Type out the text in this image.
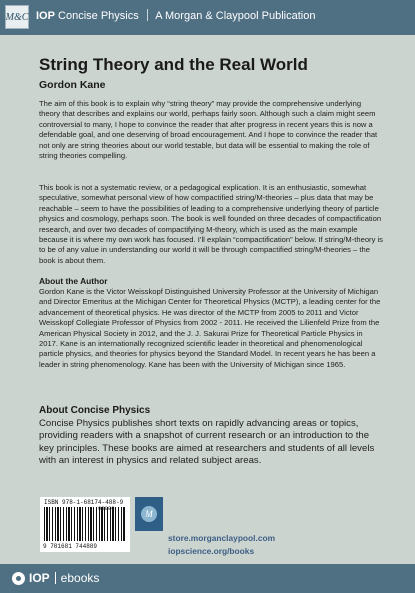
M&C IOP Concise Physics A Morgan & Claypool Publication
String Theory and the Real World
Gordon Kane
The aim of this book is to explain why “string theory” may provide the comprehensive underlying theory that describes and explains our world, perhaps fairly soon. Although such a claim might seem controversial to many, I hope to convince the reader that after progress in recent years this is now a defendable goal, and one deserving of broad encouragement. And I hope to convince the reader that not only are string theories about our world testable, but data will be essential to making the role of string theories compelling.
This book is not a systematic review, or a pedagogical explication. It is an enthusiastic, somewhat speculative, somewhat personal view of how compactified string/M-theories – plus data that may be reachable – seem to have the possibilities of leading to a comprehensive underlying theory of particle physics and cosmology, perhaps soon. The book is well founded on three decades of compactification research, and over two decades of compactifying M-theory, which is used as the main example because it is where my own work has focused. I’ll explain “compactification” below. If string/M-theory is to be of any value in understanding our world it will be through compactified string/M-theories – the book is about them.
About the Author
Gordon Kane is the Victor Weisskopf Distinguished University Professor at the University of Michigan and Director Emeritus at the Michigan Center for Theoretical Physics (MCTP), a leading center for the advancement of theoretical physics. He was director of the MCTP from 2005 to 2011 and Victor Weisskopf Collegiate Professor of Physics from 2002 - 2011. He received the Lilienfeld Prize from the American Physical Society in 2012, and the J. J. Sakurai Prize for Theoretical Particle Physics in 2017. Kane is an internationally recognized scientific leader in theoretical and phenomenological particle physics, and theories for physics beyond the Standard Model. In recent years he has been a leader in string phenomenology. Kane has been with the University of Michigan since 1965.
About Concise Physics
Concise Physics publishes short texts on rapidly advancing areas or topics, providing readers with a snapshot of current research or an introduction to the key principles. These books are aimed at researchers and students of all levels with an interest in physics and related subject areas.
ISBN 978-1-68174-488-9
90000
9 781681 744889
M
store.morganclaypool.com
iopscience.org/books
IOP ebooks
